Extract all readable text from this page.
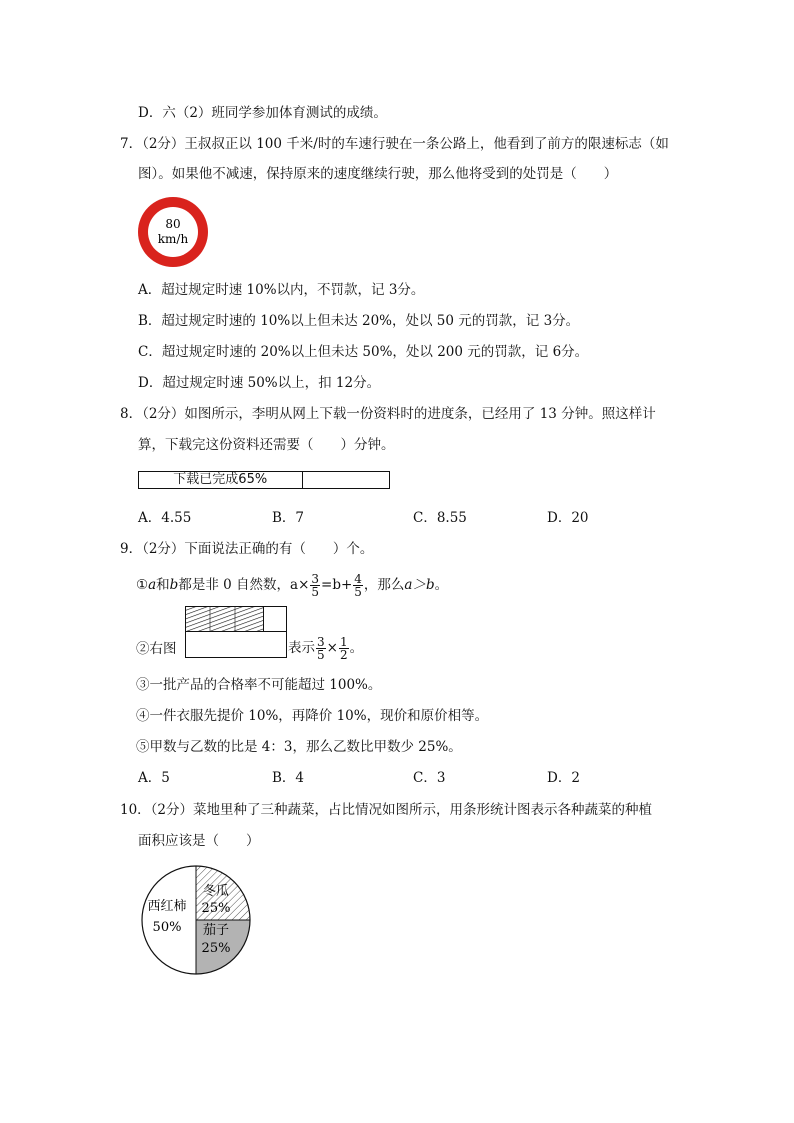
D．六（2）班同学参加体育测试的成绩。
7．（2分）王叔叔正以 100 千米/时的车速行驶在一条公路上，他看到了前方的限速标志（如
图）。如果他不减速，保持原来的速度继续行驶，那么他将受到的处罚是（　　）
80
km/h
A．超过规定时速 10%以内，不罚款，记 3分。
B．超过规定时速的 10%以上但未达 20%，处以 50 元的罚款，记 3分。
C．超过规定时速的 20%以上但未达 50%，处以 200 元的罚款，记 6分。
D．超过规定时速 50%以上，扣 12分。
8．（2分）如图所示，李明从网上下载一份资料时的进度条，已经用了 13 分钟。照这样计
算，下载完这份资料还需要（　　）分钟。
下载已完成65%
A．4.55	B．7	C．8.55	D．20
9．（2分）下面说法正确的有（　　）个。
①a和b都是非 0 自然数，$a\times \frac{3}{5} =b+ \frac{4}{5}$ ，那么a＞b。
②右图	表示 $\frac{3}{5} \times \frac{1}{2}$ 。
③一批产品的合格率不可能超过 100%。
④一件衣服先提价 10%，再降价 10%，现价和原价相等。
⑤甲数与乙数的比是 4：3，那么乙数比甲数少 25%。
A．5	B．4	C．3	D．2
10．（2分）菜地里种了三种蔬菜，占比情况如图所示，用条形统计图表示各种蔬菜的种植
面积应该是（　　）
西红柿
50%
冬瓜
25%
茄子
25%
